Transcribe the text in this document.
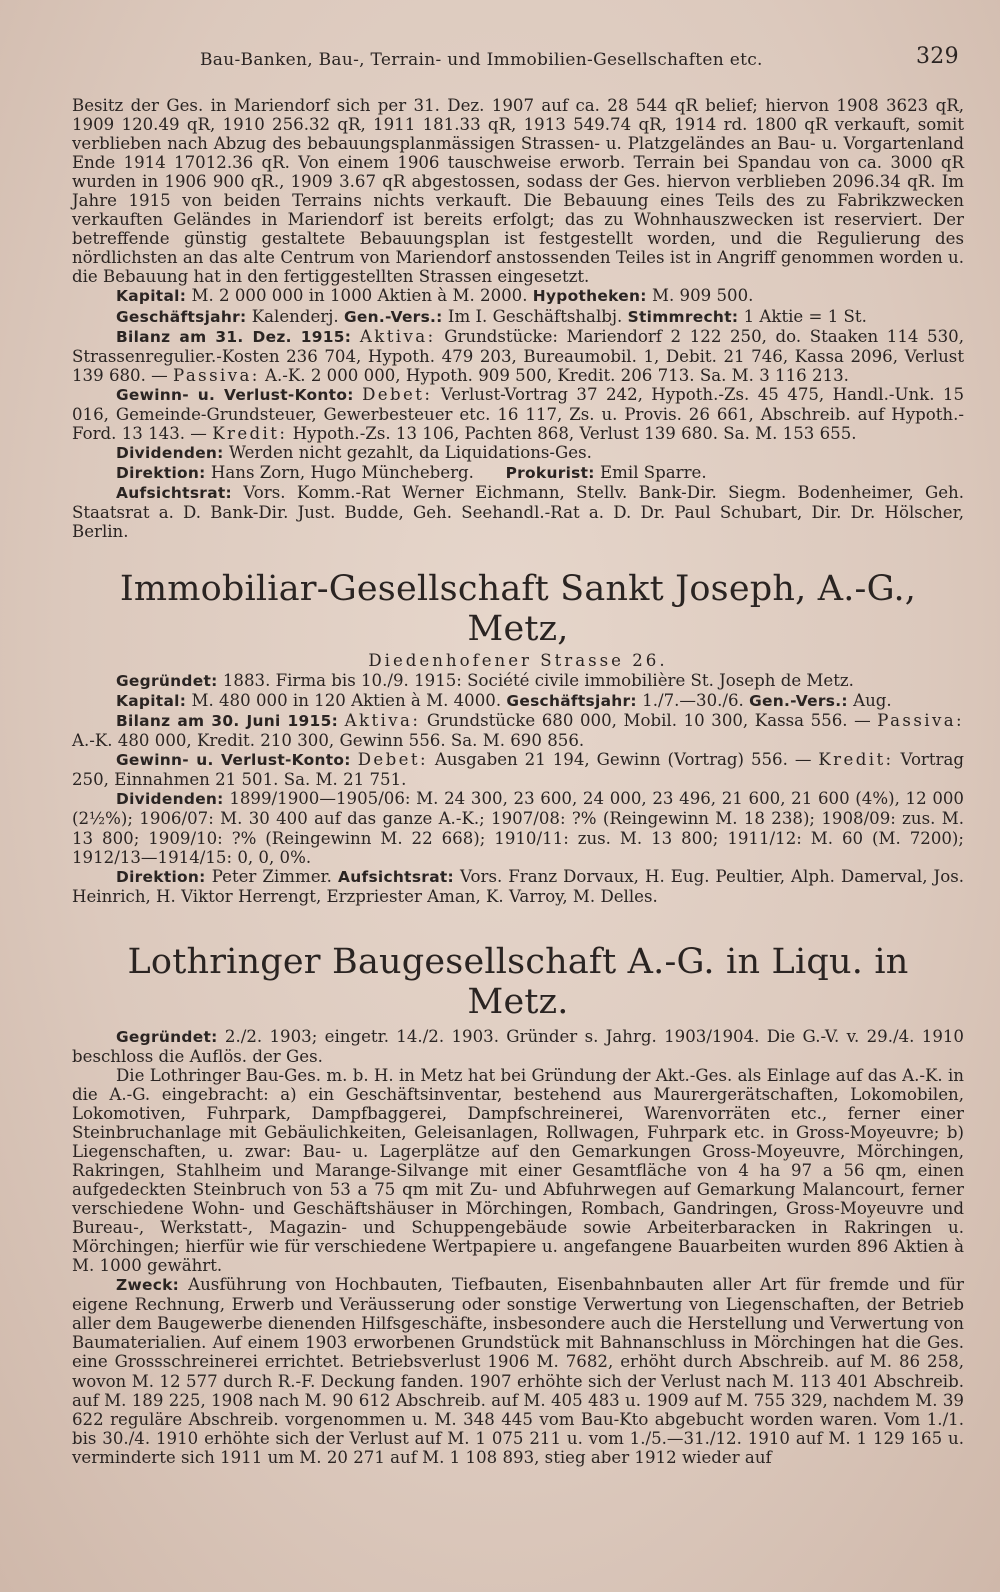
Bau-Banken, Bau-, Terrain- und Immobilien-Gesellschaften etc.	329

Besitz der Ges. in Mariendorf sich per 31. Dez. 1907 auf ca. 28 544 qR belief; hiervon 1908 3623 qR, 1909 120.49 qR, 1910 256.32 qR, 1911 181.33 qR, 1913 549.74 qR, 1914 rd. 1800 qR verkauft, somit verblieben nach Abzug des bebauungsplanmässigen Strassen- u. Platzgeländes an Bau- u. Vorgartenland Ende 1914 17012.36 qR. Von einem 1906 tauschweise erworb. Terrain bei Spandau von ca. 3000 qR wurden in 1906 900 qR., 1909 3.67 qR abgestossen, sodass der Ges. hiervon verblieben 2096.34 qR. Im Jahre 1915 von beiden Terrains nichts verkauft. Die Bebauung eines Teils des zu Fabrikzwecken verkauften Geländes in Mariendorf ist bereits erfolgt; das zu Wohnhauszwecken ist reserviert. Der betreffende günstig gestaltete Bebauungsplan ist festgestellt worden, und die Regulierung des nördlichsten an das alte Centrum von Mariendorf anstossenden Teiles ist in Angriff genommen worden u. die Bebauung hat in den fertiggestellten Strassen eingesetzt.

Kapital: M. 2 000 000 in 1000 Aktien à M. 2000. Hypotheken: M. 909 500.

Geschäftsjahr: Kalenderj. Gen.-Vers.: Im I. Geschäftshalbj. Stimmrecht: 1 Aktie = 1 St.

Bilanz am 31. Dez. 1915: Aktiva: Grundstücke: Mariendorf 2 122 250, do. Staaken 114 530, Strassenregulier.-Kosten 236 704, Hypoth. 479 203, Bureaumobil. 1, Debit. 21 746, Kassa 2096, Verlust 139 680. — Passiva: A.-K. 2 000 000, Hypoth. 909 500, Kredit. 206 713. Sa. M. 3 116 213.

Gewinn- u. Verlust-Konto: Debet: Verlust-Vortrag 37 242, Hypoth.-Zs. 45 475, Handl.-Unk. 15 016, Gemeinde-Grundsteuer, Gewerbesteuer etc. 16 117, Zs. u. Provis. 26 661, Abschreib. auf Hypoth.-Ford. 13 143. — Kredit: Hypoth.-Zs. 13 106, Pachten 868, Verlust 139 680. Sa. M. 153 655.

Dividenden: Werden nicht gezahlt, da Liquidations-Ges.

Direktion: Hans Zorn, Hugo Müncheberg.      Prokurist: Emil Sparre.

Aufsichtsrat: Vors. Komm.-Rat Werner Eichmann, Stellv. Bank-Dir. Siegm. Bodenheimer, Geh. Staatsrat a. D. Bank-Dir. Just. Budde, Geh. Seehandl.-Rat a. D. Dr. Paul Schubart, Dir. Dr. Hölscher, Berlin.

Immobiliar-Gesellschaft Sankt Joseph, A.-G., Metz,
Diedenhofener Strasse 26.

Gegründet: 1883. Firma bis 10./9. 1915: Société civile immobilière St. Joseph de Metz.

Kapital: M. 480 000 in 120 Aktien à M. 4000. Geschäftsjahr: 1./7.—30./6. Gen.-Vers.: Aug.

Bilanz am 30. Juni 1915: Aktiva: Grundstücke 680 000, Mobil. 10 300, Kassa 556. — Passiva: A.-K. 480 000, Kredit. 210 300, Gewinn 556. Sa. M. 690 856.

Gewinn- u. Verlust-Konto: Debet: Ausgaben 21 194, Gewinn (Vortrag) 556. — Kredit: Vortrag 250, Einnahmen 21 501. Sa. M. 21 751.

Dividenden: 1899/1900—1905/06: M. 24 300, 23 600, 24 000, 23 496, 21 600, 21 600 (4%), 12 000 (2½%); 1906/07: M. 30 400 auf das ganze A.-K.; 1907/08: ?% (Reingewinn M. 18 238); 1908/09: zus. M. 13 800; 1909/10: ?% (Reingewinn M. 22 668); 1910/11: zus. M. 13 800; 1911/12: M. 60 (M. 7200); 1912/13—1914/15: 0, 0, 0%.

Direktion: Peter Zimmer. Aufsichtsrat: Vors. Franz Dorvaux, H. Eug. Peultier, Alph. Damerval, Jos. Heinrich, H. Viktor Herrengt, Erzpriester Aman, K. Varroy, M. Delles.

Lothringer Baugesellschaft A.-G. in Liqu. in Metz.

Gegründet: 2./2. 1903; eingetr. 14./2. 1903. Gründer s. Jahrg. 1903/1904. Die G.-V. v. 29./4. 1910 beschloss die Auflös. der Ges.

Die Lothringer Bau-Ges. m. b. H. in Metz hat bei Gründung der Akt.-Ges. als Einlage auf das A.-K. in die A.-G. eingebracht: a) ein Geschäftsinventar, bestehend aus Maurergerätschaften, Lokomobilen, Lokomotiven, Fuhrpark, Dampfbaggerei, Dampfschreinerei, Warenvorräten etc., ferner einer Steinbruchanlage mit Gebäulichkeiten, Geleisanlagen, Rollwagen, Fuhrpark etc. in Gross-Moyeuvre; b) Liegenschaften, u. zwar: Bau- u. Lagerplätze auf den Gemarkungen Gross-Moyeuvre, Mörchingen, Rakringen, Stahlheim und Marange-Silvange mit einer Gesamtfläche von 4 ha 97 a 56 qm, einen aufgedeckten Steinbruch von 53 a 75 qm mit Zu- und Abfuhrwegen auf Gemarkung Malancourt, ferner verschiedene Wohn- und Geschäftshäuser in Mörchingen, Rombach, Gandringen, Gross-Moyeuvre und Bureau-, Werkstatt-, Magazin- und Schuppengebäude sowie Arbeiterbaracken in Rakringen u. Mörchingen; hierfür wie für verschiedene Wertpapiere u. angefangene Bauarbeiten wurden 896 Aktien à M. 1000 gewährt.

Zweck: Ausführung von Hochbauten, Tiefbauten, Eisenbahnbauten aller Art für fremde und für eigene Rechnung, Erwerb und Veräusserung oder sonstige Verwertung von Liegenschaften, der Betrieb aller dem Baugewerbe dienenden Hilfsgeschäfte, insbesondere auch die Herstellung und Verwertung von Baumaterialien. Auf einem 1903 erworbenen Grundstück mit Bahnanschluss in Mörchingen hat die Ges. eine Grossschreinerei errichtet. Betriebsverlust 1906 M. 7682, erhöht durch Abschreib. auf M. 86 258, wovon M. 12 577 durch R.-F. Deckung fanden. 1907 erhöhte sich der Verlust nach M. 113 401 Abschreib. auf M. 189 225, 1908 nach M. 90 612 Abschreib. auf M. 405 483 u. 1909 auf M. 755 329, nachdem M. 39 622 reguläre Abschreib. vorgenommen u. M. 348 445 vom Bau-Kto abgebucht worden waren. Vom 1./1. bis 30./4. 1910 erhöhte sich der Verlust auf M. 1 075 211 u. vom 1./5.—31./12. 1910 auf M. 1 129 165 u. verminderte sich 1911 um M. 20 271 auf M. 1 108 893, stieg aber 1912 wieder auf
